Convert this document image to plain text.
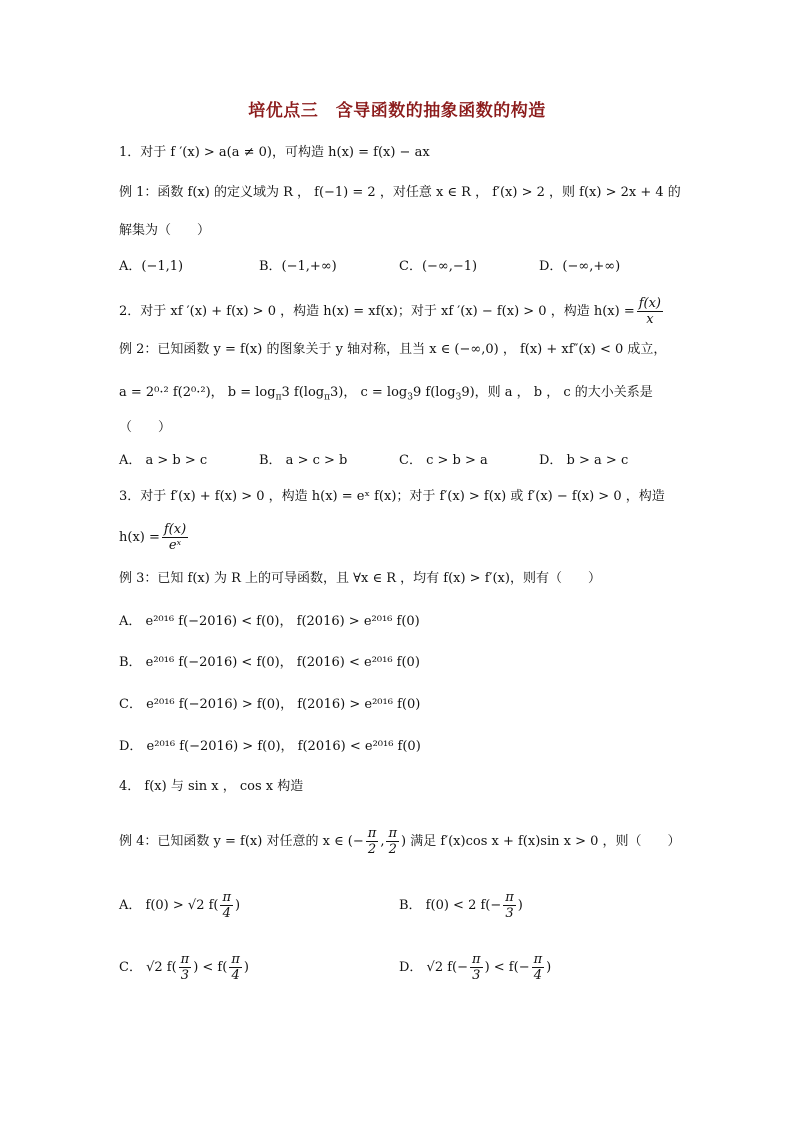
培优点三　含导函数的抽象函数的构造
1．对于 f ′(x) > a(a ≠ 0)，可构造 h(x) = f(x) − ax
例 1：函数 f(x) 的定义域为 R ， f(−1) = 2 ，对任意 x ∈ R ， f′(x) > 2 ，则 f(x) > 2x + 4 的
解集为（　　）
A．(−1,1)	B．(−1,+∞)	C．(−∞,−1)	D．(−∞,+∞)
2．对于 xf ′(x) + f(x) > 0 ，构造 h(x) = xf(x)；对于 xf ′(x) − f(x) > 0 ，构造 $h(x) = \frac{f(x)}{x}$
例 2：已知函数 y = f(x) 的图象关于 y 轴对称，且当 x ∈ (−∞,0) ， f(x) + xf″(x) < 0 成立，
a = 2⁰·² f(2⁰·²)， $b = \log_\pi 3$ $f(\log_\pi 3)$， $c = \log_39$ $f(\log_39)$，则 a ， b ， c 的大小关系是
（　　）
A． a > b > c	B． a > c > b	C． c > b > a	D． b > a > c
3．对于 f′(x) + f(x) > 0 ，构造 h(x) = eˣ f(x)；对于 f′(x) > f(x) 或 f′(x) − f(x) > 0 ，构造
$h(x) = \frac{f(x)}{\text{eˣ}}$
例 3：已知 f(x) 为 R 上的可导函数，且 ∀x ∈ R ，均有 f(x) > f′(x)，则有（　　）
A． e²⁰¹⁶ f(−2016) < f(0)， f(2016) > e²⁰¹⁶ f(0)
B． e²⁰¹⁶ f(−2016) < f(0)， f(2016) < e²⁰¹⁶ f(0)
C． e²⁰¹⁶ f(−2016) > f(0)， f(2016) > e²⁰¹⁶ f(0)
D． e²⁰¹⁶ f(−2016) > f(0)， f(2016) < e²⁰¹⁶ f(0)
4． f(x) 与 sin x ， cos x 构造
例 4：已知函数 y = f(x) 对任意的 x ∈ (− $\frac{\pi}{2}$ , $\frac{\pi}{2}$ ) 满足 f′(x)cos x + f(x)sin x > 0 ，则（　　）
A． f(0) > √2 $f( \frac{\pi}{4}$ )	B． f(0) < 2 $f(- \frac{\pi}{3}$ )
C． √2 $f( \frac{\pi}{3}$ ) < $f( \frac{\pi}{4}$ )	D． √2 $f(- \frac{\pi}{3}$ ) < $f(- \frac{\pi}{4}$ )
